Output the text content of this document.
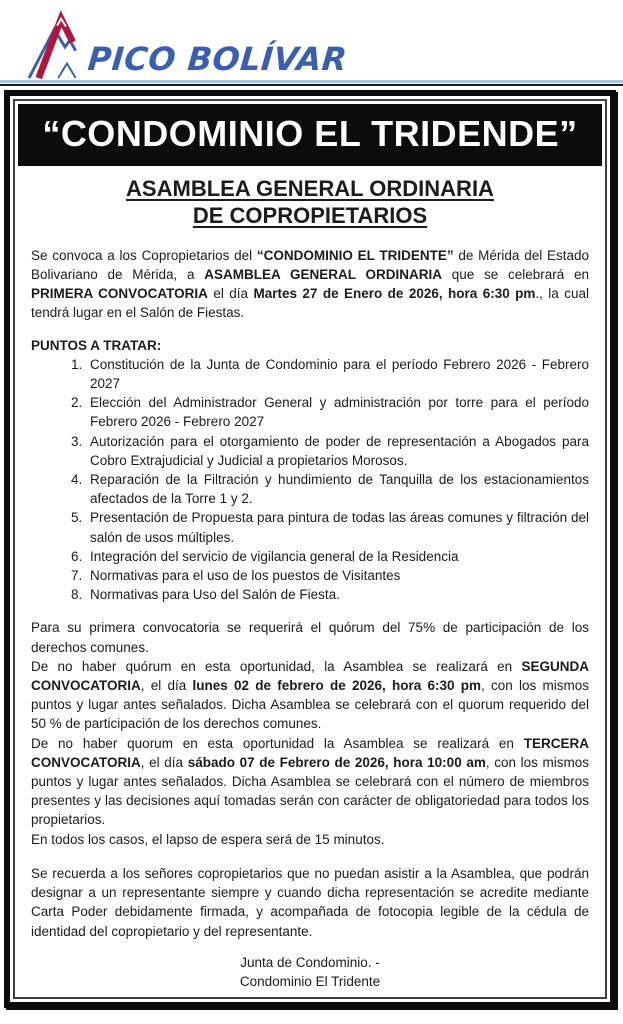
PICO BOLÍVAR
“CONDOMINIO EL TRIDENDE”
ASAMBLEA GENERAL ORDINARIA
DE COPROPIETARIOS

Se convoca a los Copropietarios del “CONDOMINIO EL TRIDENTE” de Mérida del Estado Bolivariano de Mérida, a ASAMBLEA GENERAL ORDINARIA que se celebrará en PRIMERA CONVOCATORIA el día Martes 27 de Enero de 2026, hora 6:30 pm., la cual tendrá lugar en el Salón de Fiestas.

PUNTOS A TRATAR:
1. Constitución de la Junta de Condominio para el período Febrero 2026 - Febrero 2027
2. Elección del Administrador General y administración por torre para el período Febrero 2026 - Febrero 2027
3. Autorización para el otorgamiento de poder de representación a Abogados para Cobro Extrajudicial y Judicial a propietarios Morosos.
4. Reparación de la Filtración y hundimiento de Tanquilla de los estacionamientos afectados de la Torre 1 y 2.
5. Presentación de Propuesta para pintura de todas las áreas comunes y filtración del salón de usos múltiples.
6. Integración del servicio de vigilancia general de la Residencia
7. Normativas para el uso de los puestos de Visitantes
8. Normativas para Uso del Salón de Fiesta.

Para su primera convocatoria se requerirá el quórum del 75% de participación de los derechos comunes.

De no haber quórum en esta oportunidad, la Asamblea se realizará en SEGUNDA CONVOCATORIA, el día lunes 02 de febrero de 2026, hora 6:30 pm, con los mismos puntos y lugar antes señalados. Dicha Asamblea se celebrará con el quorum requerido del 50 % de participación de los derechos comunes.

De no haber quorum en esta oportunidad la Asamblea se realizará en TERCERA CONVOCATORIA, el día sábado 07 de Febrero de 2026, hora 10:00 am, con los mismos puntos y lugar antes señalados. Dicha Asamblea se celebrará con el número de miembros presentes y las decisiones aquí tomadas serán con carácter de obligatoriedad para todos los propietarios.

En todos los casos, el lapso de espera será de 15 minutos.

Se recuerda a los señores copropietarios que no puedan asistir a la Asamblea, que podrán designar a un representante siempre y cuando dicha representación se acredite mediante Carta Poder debidamente firmada, y acompañada de fotocopia legible de la cédula de identidad del copropietario y del representante.

Junta de Condominio. -
Condominio El Tridente
